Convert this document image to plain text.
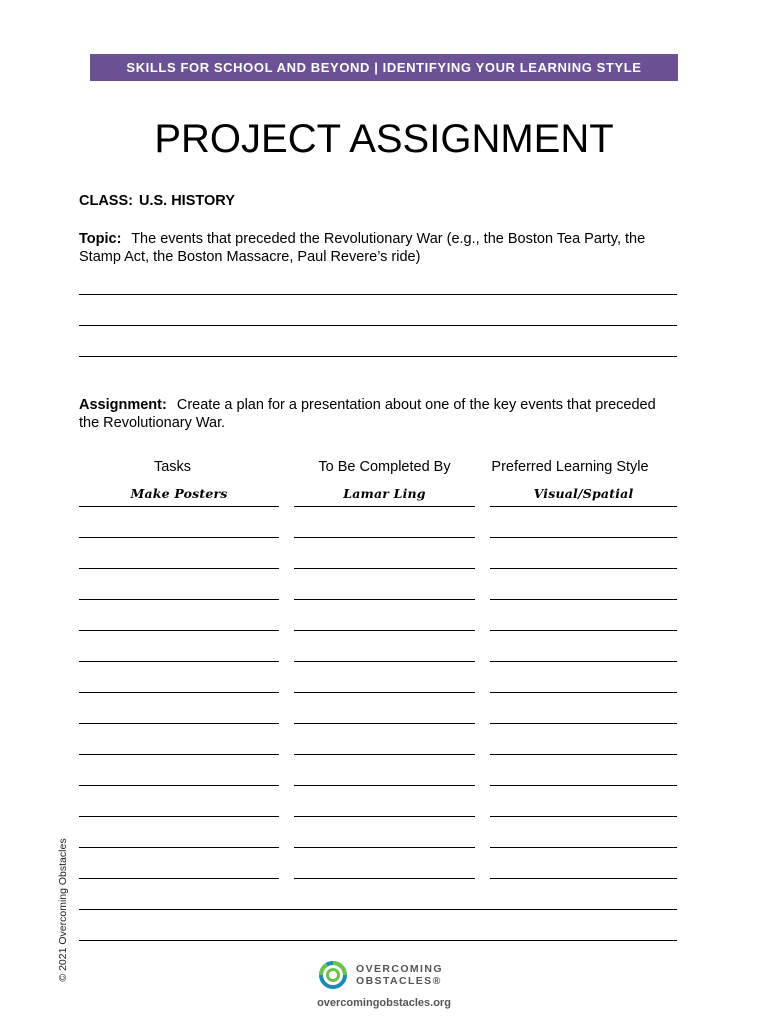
SKILLS FOR SCHOOL AND BEYOND | IDENTIFYING YOUR LEARNING STYLE
PROJECT ASSIGNMENT
CLASS: U.S. HISTORY
Topic: The events that preceded the Revolutionary War (e.g., the Boston Tea Party, the Stamp Act, the Boston Massacre, Paul Revere’s ride)
Assignment: Create a plan for a presentation about one of the key events that preceded the Revolutionary War.
Tasks	To Be Completed By	Preferred Learning Style
Make Posters	Lamar Ling	Visual/Spatial
© 2021 Overcoming Obstacles	OVERCOMING
OBSTACLES®
overcomingobstacles.org
